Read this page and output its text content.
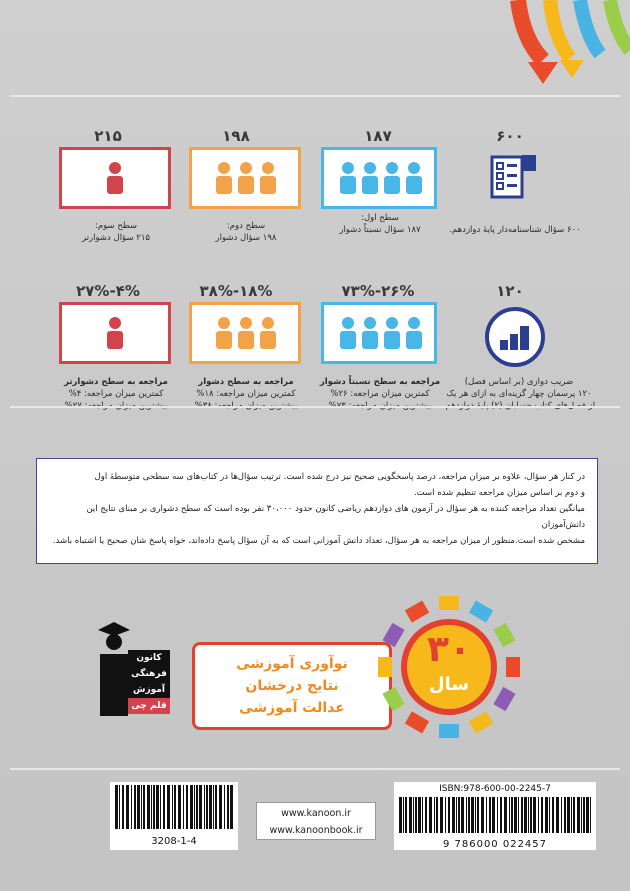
۶۰۰
۱۸۷
۱۹۸
۲۱۵
۶۰۰ سؤال شناسنامه‌دار پایهٔ دوازدهم.
سطح اول:
۱۸۷ سؤال نسبتاً دشوار
سطح دوم:
۱۹۸ سؤال دشوار
سطح سوم:
۲۱۵ سؤال دشوارتر
۱۲۰
۲۶%-۷۳%
۱۸%-۳۸%
۴%-۲۷%
ضریب دوازی (بر اساس فصل)
۱۲۰ پرسمان چهار گزینه‌ای به ازای هر یک
مراجعه به سطح نسبتاً دشوار
کمترین میزان مراجعه: ۲۶%
مراجعه به سطح دشوار
کمترین میزان مراجعه: ۱۸%
مراجعه به سطح دشوارتر
کمترین میزان مراجعه: ۴%
در کنار هر سؤال، علاوه بر میزان مراجعه، درصد پاسخگویی صحیح نیز درج شده است. ترتیب سؤال‌ها در کتاب‌های سه سطحی متوسطهٔ اول
و دوم بر اساس میزان مراجعه تنظیم شده است.
میانگین تعداد مراجعه کننده به هر سؤال در آزمون های دوازدهم ریاضی کانون حدود ۳۰،۰۰۰ نفر بوده است که سطح دشواری بر مبنای نتایج این دانش‌آموزان
مشخص شده است.منظور از میزان مراجعه به هر سؤال، تعداد دانش آموزانی است که به آن سؤال پاسخ داده‌اند، خواه پاسخ شان صحیح یا اشتباه باشد.
کانون
فرهنگی
آموزش
قلم چی
نوآوری آموزشی
نتایج درخشان
عدالت آموزشی
۳۰
سال
ISBN:978-600-00-2245-7
9 786000 022457
www.kanoon.ir
www.kanoonbook.ir
3208-1-4
